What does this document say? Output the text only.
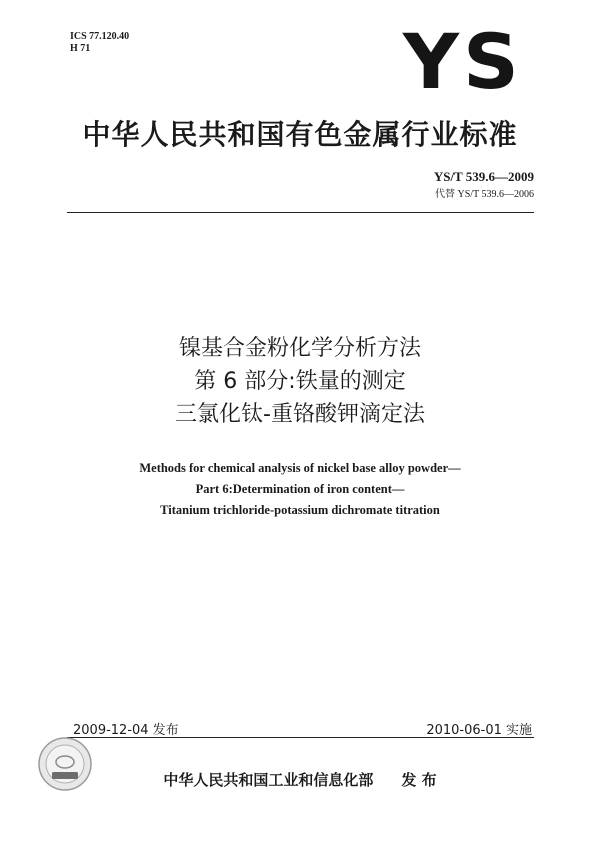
ICS 77.120.40
H 71	YS
中华人民共和国有色金属行业标准
YS/T 539.6—2009
代替 YS/T 539.6—2006
镍基合金粉化学分析方法
第 6 部分:铁量的测定
三氯化钛-重铬酸钾滴定法
Methods for chemical analysis of nickel base alloy powder—
Part 6:Determination of iron content—
Titanium trichloride-potassium dichromate titration
2009-12-04 发布	2010-06-01 实施
中华人民共和国工业和信息化部 发 布
